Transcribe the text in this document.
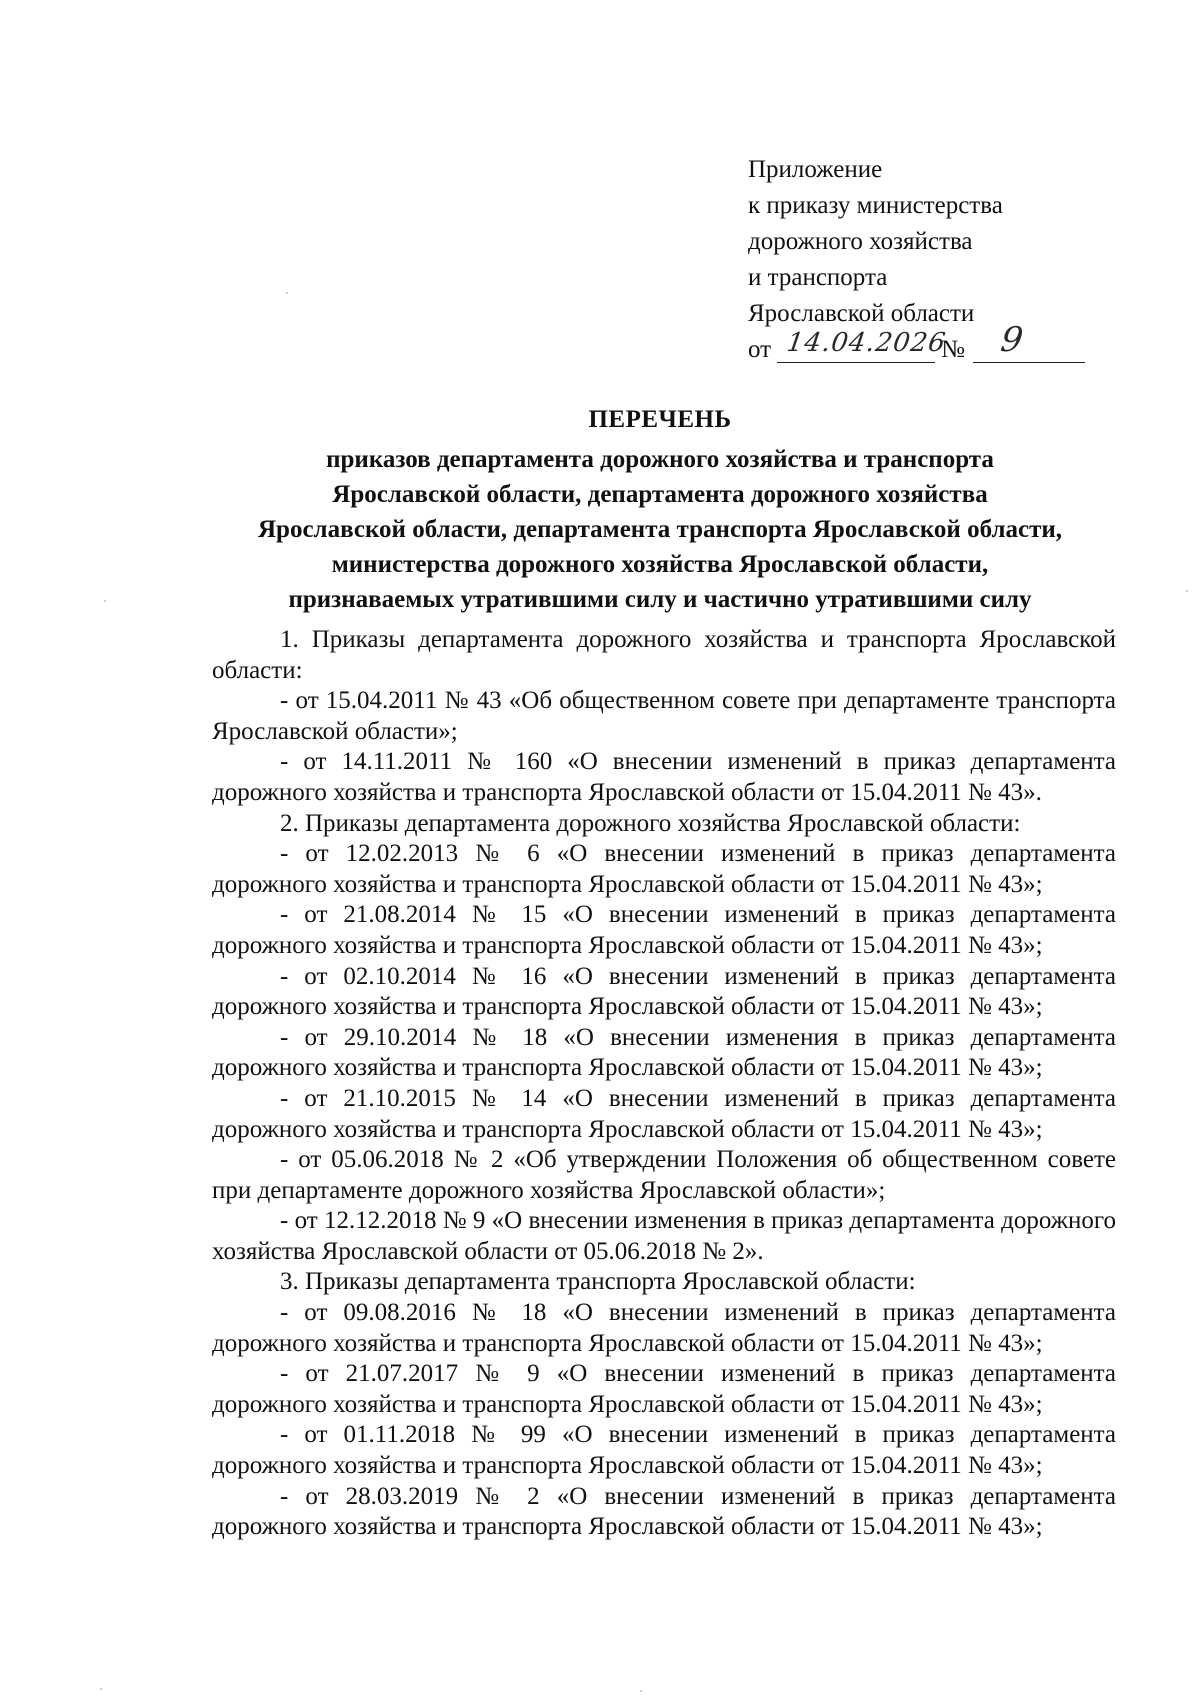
Приложение
к приказу министерства
дорожного хозяйства
и транспорта
Ярославской области
от 14.04.2026
№ 9
ПЕРЕЧЕНЬ
приказов департамента дорожного хозяйства и транспорта
Ярославской области, департамента дорожного хозяйства
Ярославской области, департамента транспорта Ярославской области,
министерства дорожного хозяйства Ярославской области,
признаваемых утратившими силу и частично утратившими силу

1. Приказы департамента дорожного хозяйства и транспорта Ярославской области:

- от 15.04.2011 № 43 «Об общественном совете при департаменте транспорта Ярославской области»;

- от 14.11.2011 № 160 «О внесении изменений в приказ департамента дорожного хозяйства и транспорта Ярославской области от 15.04.2011 № 43».

2. Приказы департамента дорожного хозяйства Ярославской области:

- от 12.02.2013 № 6 «О внесении изменений в приказ департамента дорожного хозяйства и транспорта Ярославской области от 15.04.2011 № 43»;

- от 21.08.2014 № 15 «О внесении изменений в приказ департамента дорожного хозяйства и транспорта Ярославской области от 15.04.2011 № 43»;

- от 02.10.2014 № 16 «О внесении изменений в приказ департамента дорожного хозяйства и транспорта Ярославской области от 15.04.2011 № 43»;

- от 29.10.2014 № 18 «О внесении изменения в приказ департамента дорожного хозяйства и транспорта Ярославской области от 15.04.2011 № 43»;

- от 21.10.2015 № 14 «О внесении изменений в приказ департамента дорожного хозяйства и транспорта Ярославской области от 15.04.2011 № 43»;

- от 05.06.2018 № 2 «Об утверждении Положения об общественном совете при департаменте дорожного хозяйства Ярославской области»;

- от 12.12.2018 № 9 «О внесении изменения в приказ департамента дорожного хозяйства Ярославской области от 05.06.2018 № 2».

3. Приказы департамента транспорта Ярославской области:

- от 09.08.2016 № 18 «О внесении изменений в приказ департамента дорожного хозяйства и транспорта Ярославской области от 15.04.2011 № 43»;

- от 21.07.2017 № 9 «О внесении изменений в приказ департамента дорожного хозяйства и транспорта Ярославской области от 15.04.2011 № 43»;

- от 01.11.2018 № 99 «О внесении изменений в приказ департамента дорожного хозяйства и транспорта Ярославской области от 15.04.2011 № 43»;

- от 28.03.2019 № 2 «О внесении изменений в приказ департамента дорожного хозяйства и транспорта Ярославской области от 15.04.2011 № 43»;
